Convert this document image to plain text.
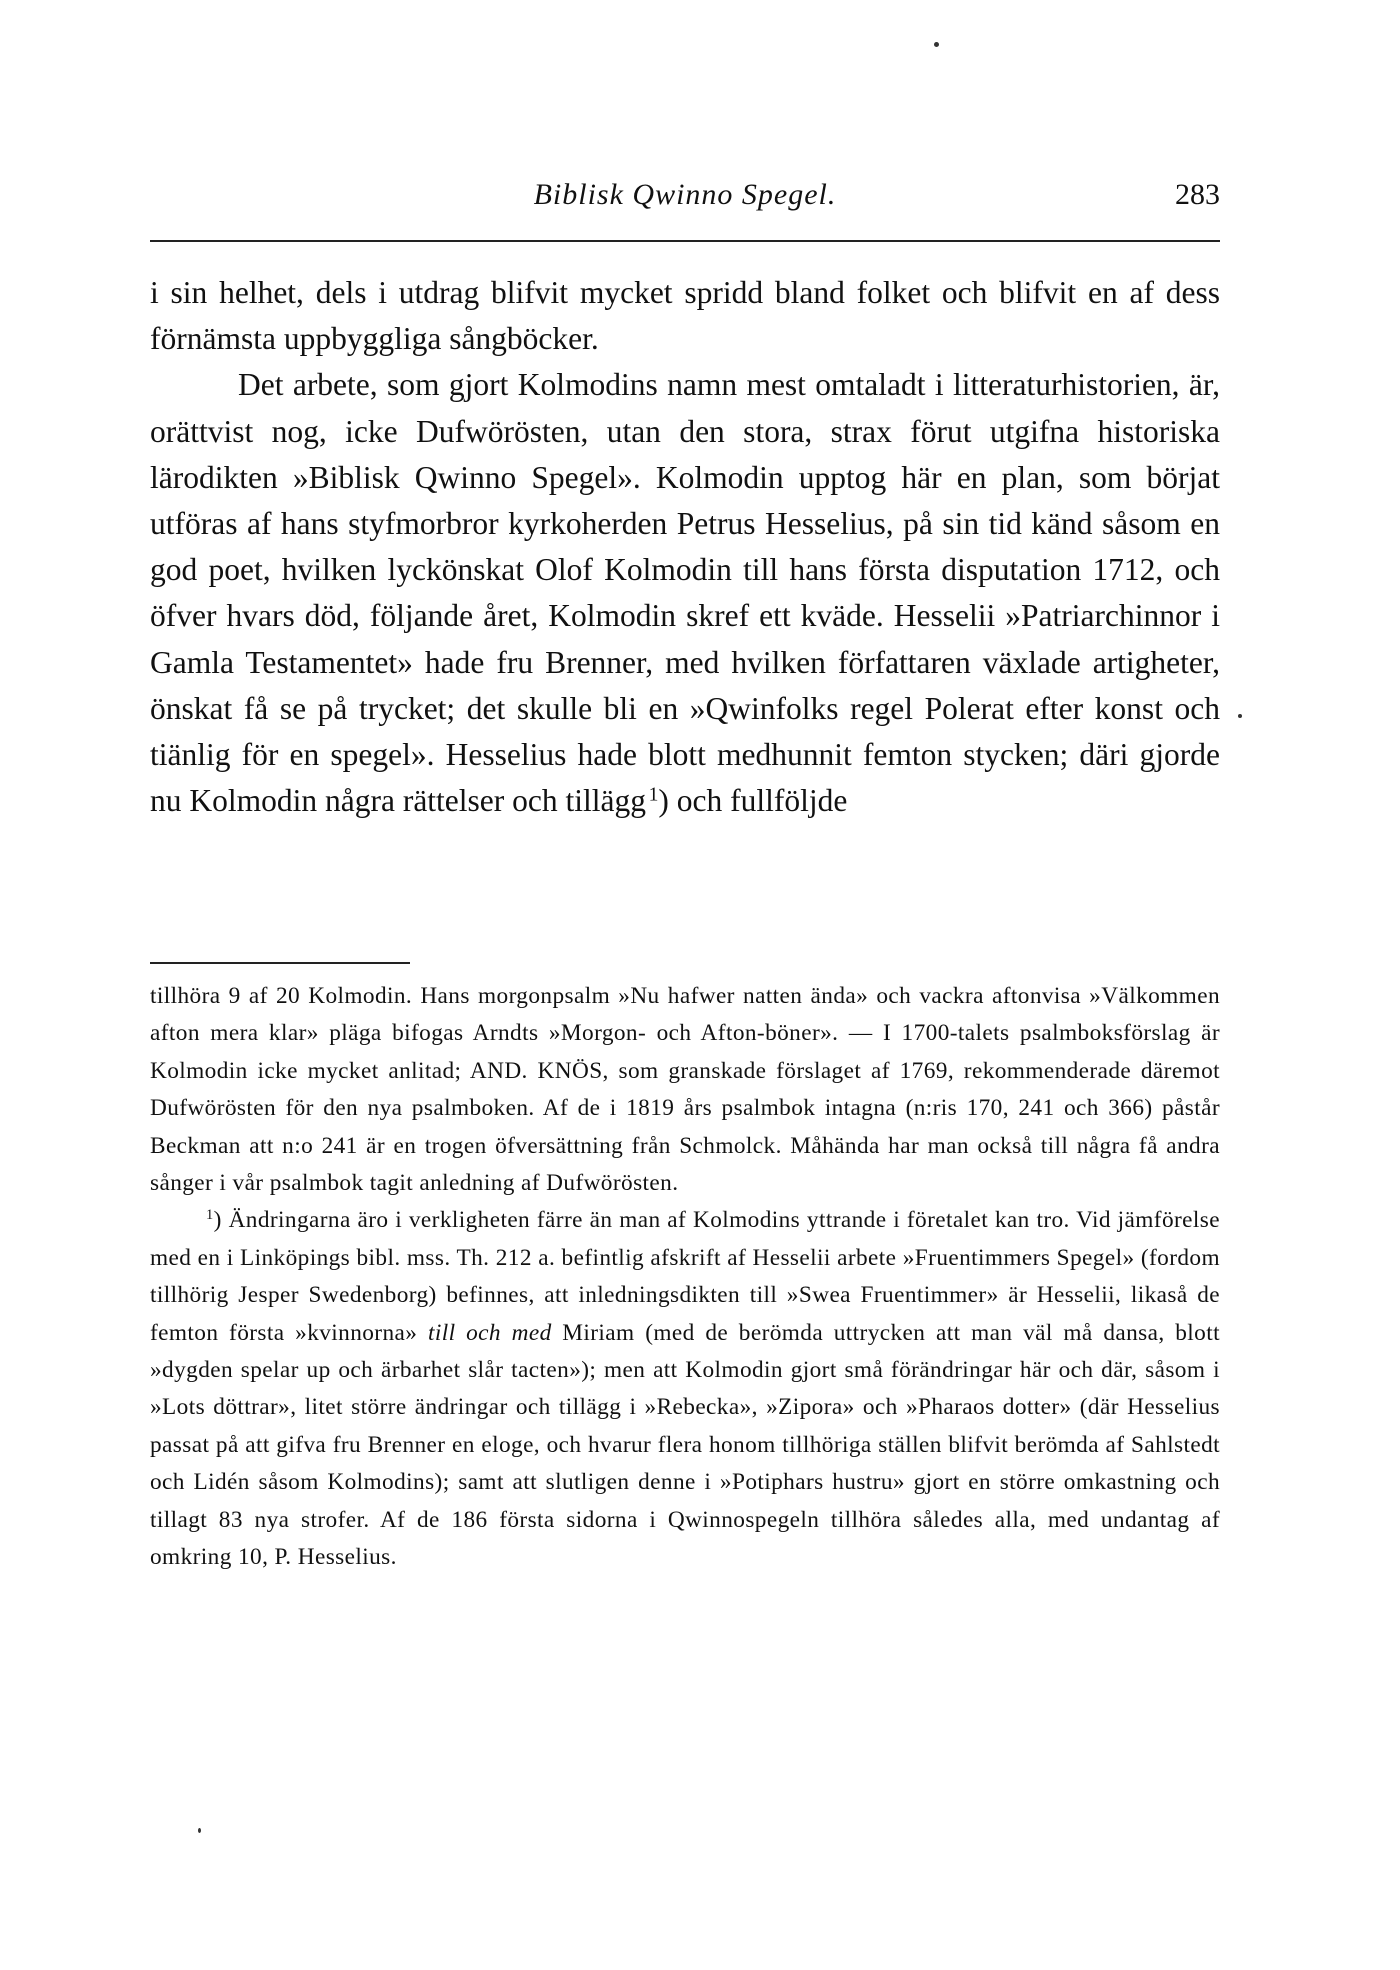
Biblisk Qwinno Spegel.	283

i sin helhet, dels i utdrag blifvit mycket spridd bland folket och blifvit en af dess förnämsta uppbyggliga sångböcker.

Det arbete, som gjort Kolmodins namn mest omtaladt i litteraturhistorien, är, orättvist nog, icke Dufwörösten, utan den stora, strax förut utgifna historiska lärodikten »Biblisk Qwinno Spegel». Kolmodin upptog här en plan, som börjat utföras af hans styfmorbror kyrkoherden Petrus Hesselius, på sin tid känd såsom en god poet, hvilken lyckönskat Olof Kolmodin till hans första disputation 1712, och öfver hvars död, följande året, Kolmodin skref ett kväde. Hesselii »Patriarchinnor i Gamla Testamentet» hade fru Brenner, med hvilken författaren växlade artigheter, önskat få se på trycket; det skulle bli en »Qwinfolks regel Polerat efter konst och tiänlig för en spegel». Hesselius hade blott medhunnit femton stycken; däri gjorde nu Kolmodin några rättelser och tillägg  $^1$) och fullföljde

tillhöra 9 af 20 Kolmodin. Hans morgonpsalm »Nu hafwer natten ända» och vackra aftonvisa »Välkommen afton mera klar» pläga bifogas Arndts »Morgon- och Afton-böner». — I 1700-talets psalmboksförslag är Kolmodin icke mycket anlitad; AND. KNÖS, som granskade förslaget af 1769, rekommenderade däremot Dufwörösten för den nya psalmboken. Af de i 1819 års psalmbok intagna (n:ris 170, 241 och 366) påstår Beckman att n:o 241 är en trogen öfversättning från Schmolck. Måhända har man också till några få andra sånger i vår psalmbok tagit anledning af Dufwörösten.

$^1$) Ändringarna äro i verkligheten färre än man af Kolmodins yttrande i företalet kan tro. Vid jämförelse med en i Linköpings bibl. mss. Th. 212 a. befintlig afskrift af Hesselii arbete »Fruentimmers Spegel» (fordom tillhörig Jesper Swedenborg) befinnes, att inledningsdikten till »Swea Fruentimmer» är Hesselii, likaså de femton första »kvinnorna» till och med Miriam (med de berömda uttrycken att man väl må dansa, blott »dygden spelar up och ärbarhet slår tacten»); men att Kolmodin gjort små förändringar här och där, såsom i »Lots döttrar», litet större ändringar och tillägg i »Rebecka», »Zipora» och »Pharaos dotter» (där Hesselius passat på att gifva fru Brenner en eloge, och hvarur flera honom tillhöriga ställen blifvit berömda af Sahlstedt och Lidén såsom Kolmodins); samt att slutligen denne i »Potiphars hustru» gjort en större omkastning och tillagt 83 nya strofer. Af de 186 första sidorna i Qwinnospegeln tillhöra således alla, med undantag af omkring 10, P. Hesselius.
